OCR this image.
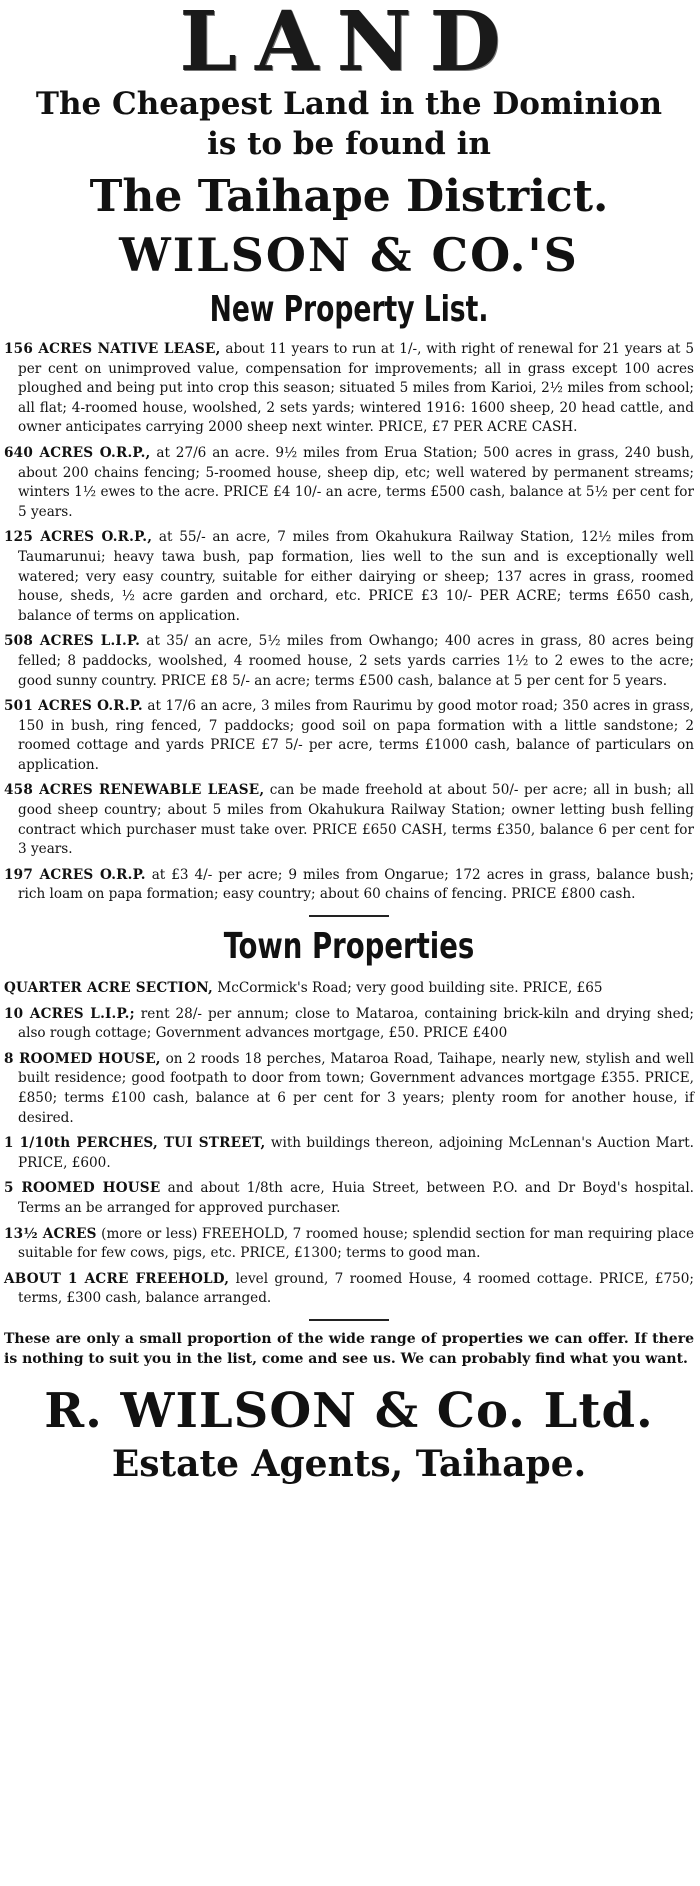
LAND
The Cheapest Land in the Dominion
is to be found in
The Taihape District.
WILSON & CO.'S
New Property List.

156 ACRES NATIVE LEASE, about 11 years to run at 1/-, with right of renewal for 21 years at 5 per cent on unimproved value, compensation for improvements; all in grass except 100 acres ploughed and being put into crop this season; situated 5 miles from Karioi, 2½ miles from school; all flat; 4-roomed house, woolshed, 2 sets yards; wintered 1916: 1600 sheep, 20 head cattle, and owner anticipates carrying 2000 sheep next winter. PRICE, £7 PER ACRE CASH.

640 ACRES O.R.P., at 27/6 an acre. 9½ miles from Erua Station; 500 acres in grass, 240 bush, about 200 chains fencing; 5-roomed house, sheep dip, etc; well watered by permanent streams; winters 1½ ewes to the acre. PRICE £4 10/- an acre, terms £500 cash, balance at 5½ per cent for 5 years.

125 ACRES O.R.P., at 55/- an acre, 7 miles from Okahukura Railway Station, 12½ miles from Taumarunui; heavy tawa bush, pap formation, lies well to the sun and is exceptionally well watered; very easy country, suitable for either dairying or sheep; 137 acres in grass, roomed house, sheds, ½ acre garden and orchard, etc. PRICE £3 10/- PER ACRE; terms £650 cash, balance of terms on application.

508 ACRES L.I.P. at 35/ an acre, 5½ miles from Owhango; 400 acres in grass, 80 acres being felled; 8 paddocks, woolshed, 4 roomed house, 2 sets yards carries 1½ to 2 ewes to the acre; good sunny country. PRICE £8 5/- an acre; terms £500 cash, balance at 5 per cent for 5 years.

501 ACRES O.R.P. at 17/6 an acre, 3 miles from Raurimu by good motor road; 350 acres in grass, 150 in bush, ring fenced, 7 paddocks; good soil on papa formation with a little sandstone; 2 roomed cottage and yards PRICE £7 5/- per acre, terms £1000 cash, balance of particulars on application.

458 ACRES RENEWABLE LEASE, can be made freehold at about 50/- per acre; all in bush; all good sheep country; about 5 miles from Okahukura Railway Station; owner letting bush felling contract which purchaser must take over. PRICE £650 CASH, terms £350, balance 6 per cent for 3 years.

197 ACRES O.R.P. at £3 4/- per acre; 9 miles from Ongarue; 172 acres in grass, balance bush; rich loam on papa formation; easy country; about 60 chains of fencing. PRICE £800 cash.

Town Properties

QUARTER ACRE SECTION, McCormick's Road; very good building site. PRICE, £65

10 ACRES L.I.P.; rent 28/- per annum; close to Mataroa, containing brick-kiln and drying shed; also rough cottage; Government advances mortgage, £50. PRICE £400

8 ROOMED HOUSE, on 2 roods 18 perches, Mataroa Road, Taihape, nearly new, stylish and well built residence; good footpath to door from town; Government advances mortgage £355. PRICE, £850; terms £100 cash, balance at 6 per cent for 3 years; plenty room for another house, if desired.

1 1/10th PERCHES, TUI STREET, with buildings thereon, adjoining McLennan's Auction Mart. PRICE, £600.

5 ROOMED HOUSE and about 1/8th acre, Huia Street, between P.O. and Dr Boyd's hospital. Terms an be arranged for approved purchaser.

13½ ACRES (more or less) FREEHOLD, 7 roomed house; splendid section for man requiring place suitable for few cows, pigs, etc. PRICE, £1300; terms to good man.

ABOUT 1 ACRE FREEHOLD, level ground, 7 roomed House, 4 roomed cottage. PRICE, £750; terms, £300 cash, balance arranged.

These are only a small proportion of the wide range of properties we can offer. If there is nothing to suit you in the list, come and see us. We can probably find what you want.

R. WILSON & Co. Ltd.
Estate Agents, Taihape.
